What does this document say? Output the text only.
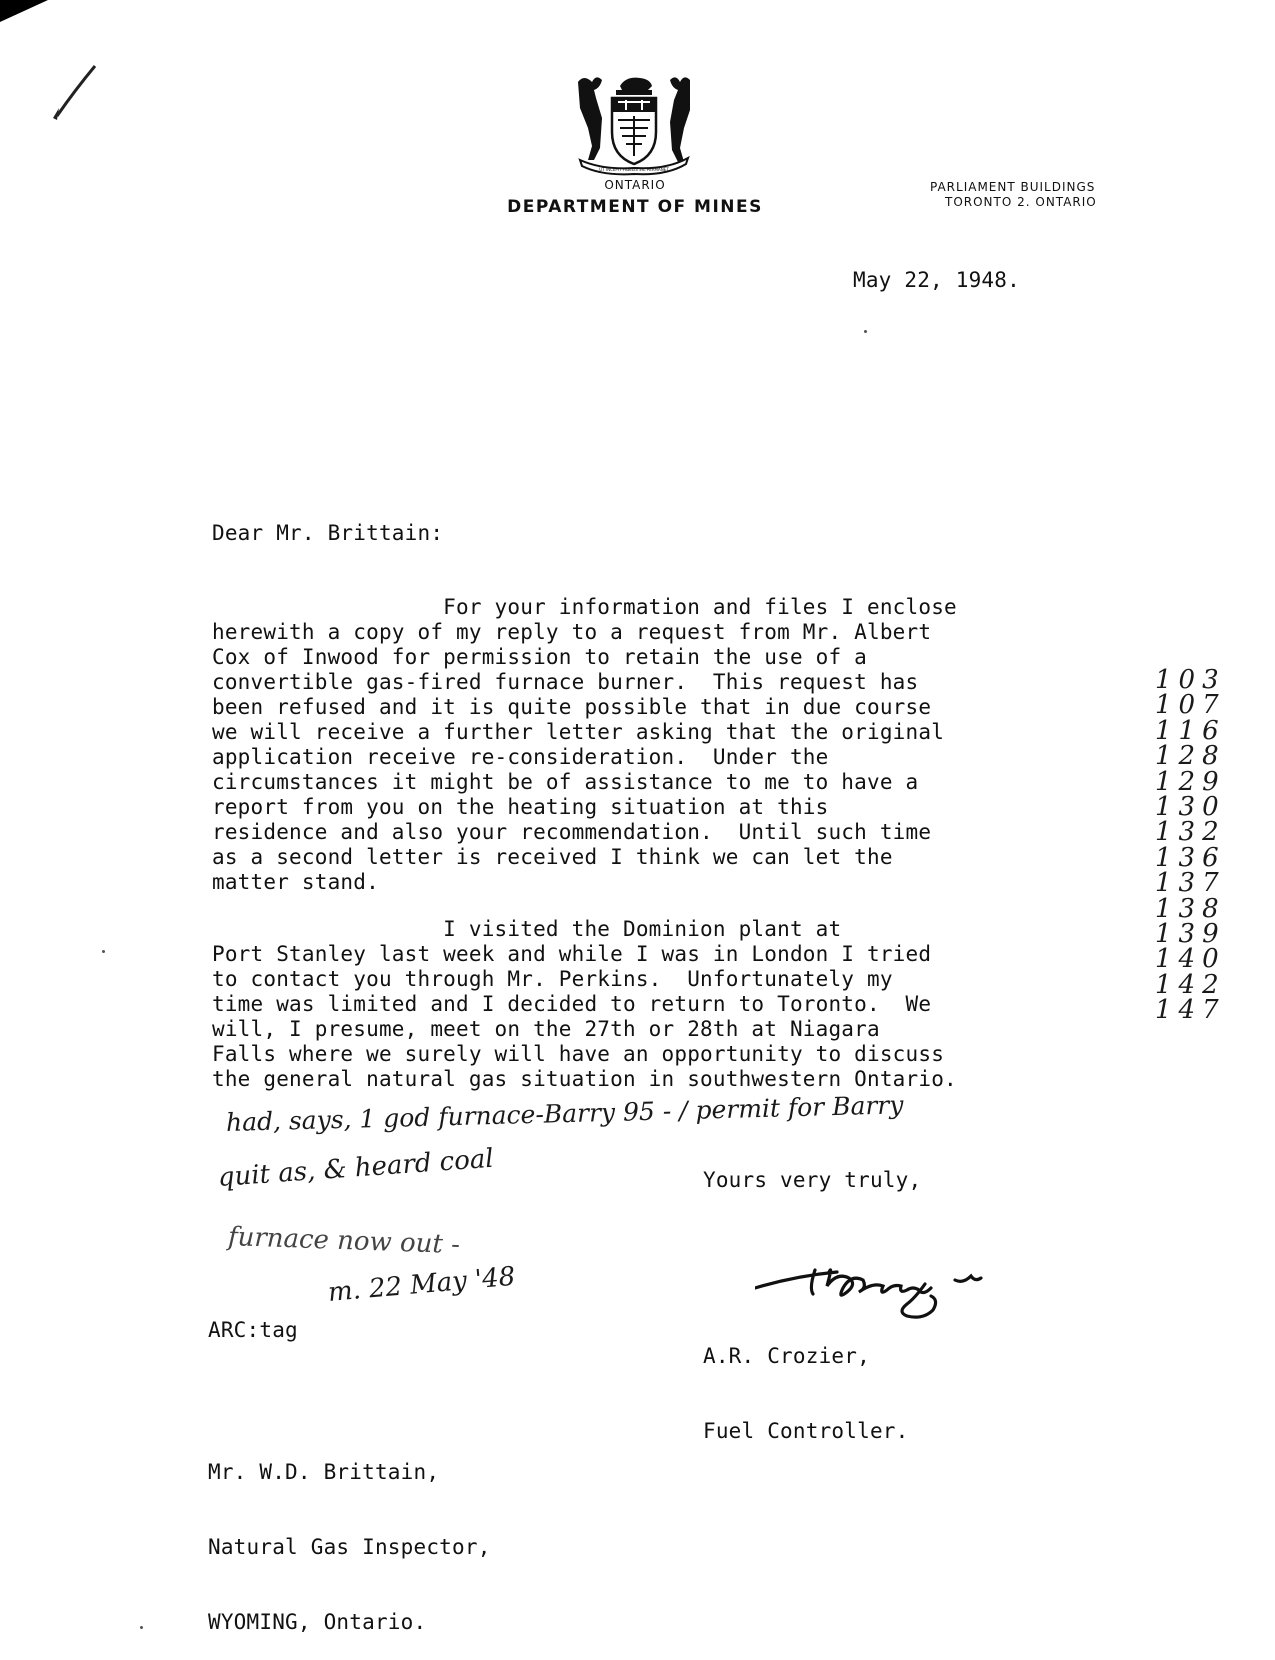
UT INCEPIT FIDELIS SIC PERMANET
ONTARIO
DEPARTMENT OF MINES
PARLIAMENT BUILDINGS
TORONTO 2. ONTARIO
May 22, 1948.
Dear Mr. Brittain:
For your information and files I enclose
herewith a copy of my reply to a request from Mr. Albert
Cox of Inwood for permission to retain the use of a
convertible gas-fired furnace burner.  This request has
been refused and it is quite possible that in due course
we will receive a further letter asking that the original
application receive re-consideration.  Under the
circumstances it might be of assistance to me to have a
report from you on the heating situation at this
residence and also your recommendation.  Until such time
as a second letter is received I think we can let the
matter stand.
I visited the Dominion plant at
Port Stanley last week and while I was in London I tried
to contact you through Mr. Perkins.  Unfortunately my
time was limited and I decided to return to Toronto.  We
will, I presume, meet on the 27th or 28th at Niagara
Falls where we surely will have an opportunity to discuss
the general natural gas situation in southwestern Ontario.
103
107
116
128
129
130
132
136
137
138
139
140
142
147
had, says, 1 god furnace-Barry 95 - / permit for Barry
quit as, & heard coal
furnace now out -
m. 22 May '48
Yours very truly,

A.R. Crozier,

Fuel Controller.

ARC:tag

Mr. W.D. Brittain,

Natural Gas Inspector,

WYOMING, Ontario.
